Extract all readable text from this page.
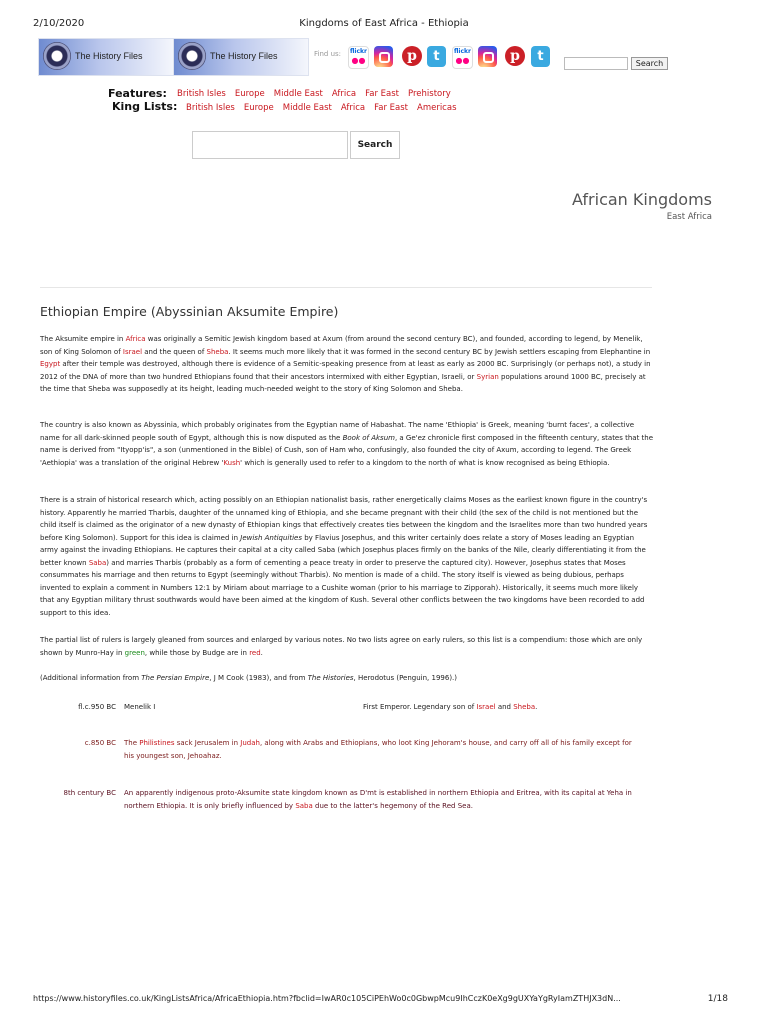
2/10/2020	Kingdoms of East Africa - Ethiopia
The History Files	The History Files	Find us:	flickr
●●	p	t	flickr
●●	p	t	Search
Features: British Isles Europe Middle East Africa Far East Prehistory
King Lists: British Isles Europe Middle East Africa Far East Americas
Search
African Kingdoms
East Africa
Ethiopian Empire (Abyssinian Aksumite Empire)

The Aksumite empire in Africa was originally a Semitic Jewish kingdom based at Axum (from around the second century BC), and founded, according to legend, by Menelik, son of King Solomon of Israel and the queen of Sheba. It seems much more likely that it was formed in the second century BC by Jewish settlers escaping from Elephantine in Egypt after their temple was destroyed, although there is evidence of a Semitic-speaking presence from at least as early as 2000 BC. Surprisingly (or perhaps not), a study in 2012 of the DNA of more than two hundred Ethiopians found that their ancestors intermixed with either Egyptian, Israeli, or Syrian populations around 1000 BC, precisely at the time that Sheba was supposedly at its height, leading much-needed weight to the story of King Solomon and Sheba.

The country is also known as Abyssinia, which probably originates from the Egyptian name of Habashat. The name 'Ethiopia' is Greek, meaning 'burnt faces', a collective name for all dark-skinned people south of Egypt, although this is now disputed as the Book of Aksum, a Ge'ez chronicle first composed in the fifteenth century, states that the name is derived from "Ityopp'is", a son (unmentioned in the Bible) of Cush, son of Ham who, confusingly, also founded the city of Axum, according to legend. The Greek 'Aethiopia' was a translation of the original Hebrew 'Kush' which is generally used to refer to a kingdom to the north of what is know recognised as being Ethiopia.

There is a strain of historical research which, acting possibly on an Ethiopian nationalist basis, rather energetically claims Moses as the earliest known figure in the country's history. Apparently he married Tharbis, daughter of the unnamed king of Ethiopia, and she became pregnant with their child (the sex of the child is not mentioned but the child itself is claimed as the originator of a new dynasty of Ethiopian kings that effectively creates ties between the kingdom and the Israelites more than two hundred years before King Solomon). Support for this idea is claimed in Jewish Antiquities by Flavius Josephus, and this writer certainly does relate a story of Moses leading an Egyptian army against the invading Ethiopians. He captures their capital at a city called Saba (which Josephus places firmly on the banks of the Nile, clearly differentiating it from the better known Saba) and marries Tharbis (probably as a form of cementing a peace treaty in order to preserve the captured city). However, Josephus states that Moses consummates his marriage and then returns to Egypt (seemingly without Tharbis). No mention is made of a child. The story itself is viewed as being dubious, perhaps invented to explain a comment in Numbers 12:1 by Miriam about marriage to a Cushite woman (prior to his marriage to Zipporah). Historically, it seems much more likely that any Egyptian military thrust southwards would have been aimed at the kingdom of Kush. Several other conflicts between the two kingdoms have been recorded to add support to this idea.

The partial list of rulers is largely gleaned from sources and enlarged by various notes. No two lists agree on early rulers, so this list is a compendium: those which are only shown by Munro-Hay in green, while those by Budge are in red.

(Additional information from The Persian Empire, J M Cook (1983), and from The Histories, Herodotus (Penguin, 1996).)

fl.c.950 BC Menelik I	First Emperor. Legendary son of Israel and Sheba.
c.850 BC The Philistines sack Jerusalem in Judah, along with Arabs and Ethiopians, who loot King Jehoram's house, and carry off all of his family except for his youngest son, Jehoahaz.
8th century BC An apparently indigenous proto-Aksumite state kingdom known as D'mt is established in northern Ethiopia and Eritrea, with its capital at Yeha in northern Ethiopia. It is only briefly influenced by Saba due to the latter's hegemony of the Red Sea.
https://www.historyfiles.co.uk/KingListsAfrica/AfricaEthiopia.htm?fbclid=IwAR0c105CiPEhWo0c0GbwpMcu9IhCczK0eXg9gUXYaYgRyIamZTHJX3dN...	1/18
